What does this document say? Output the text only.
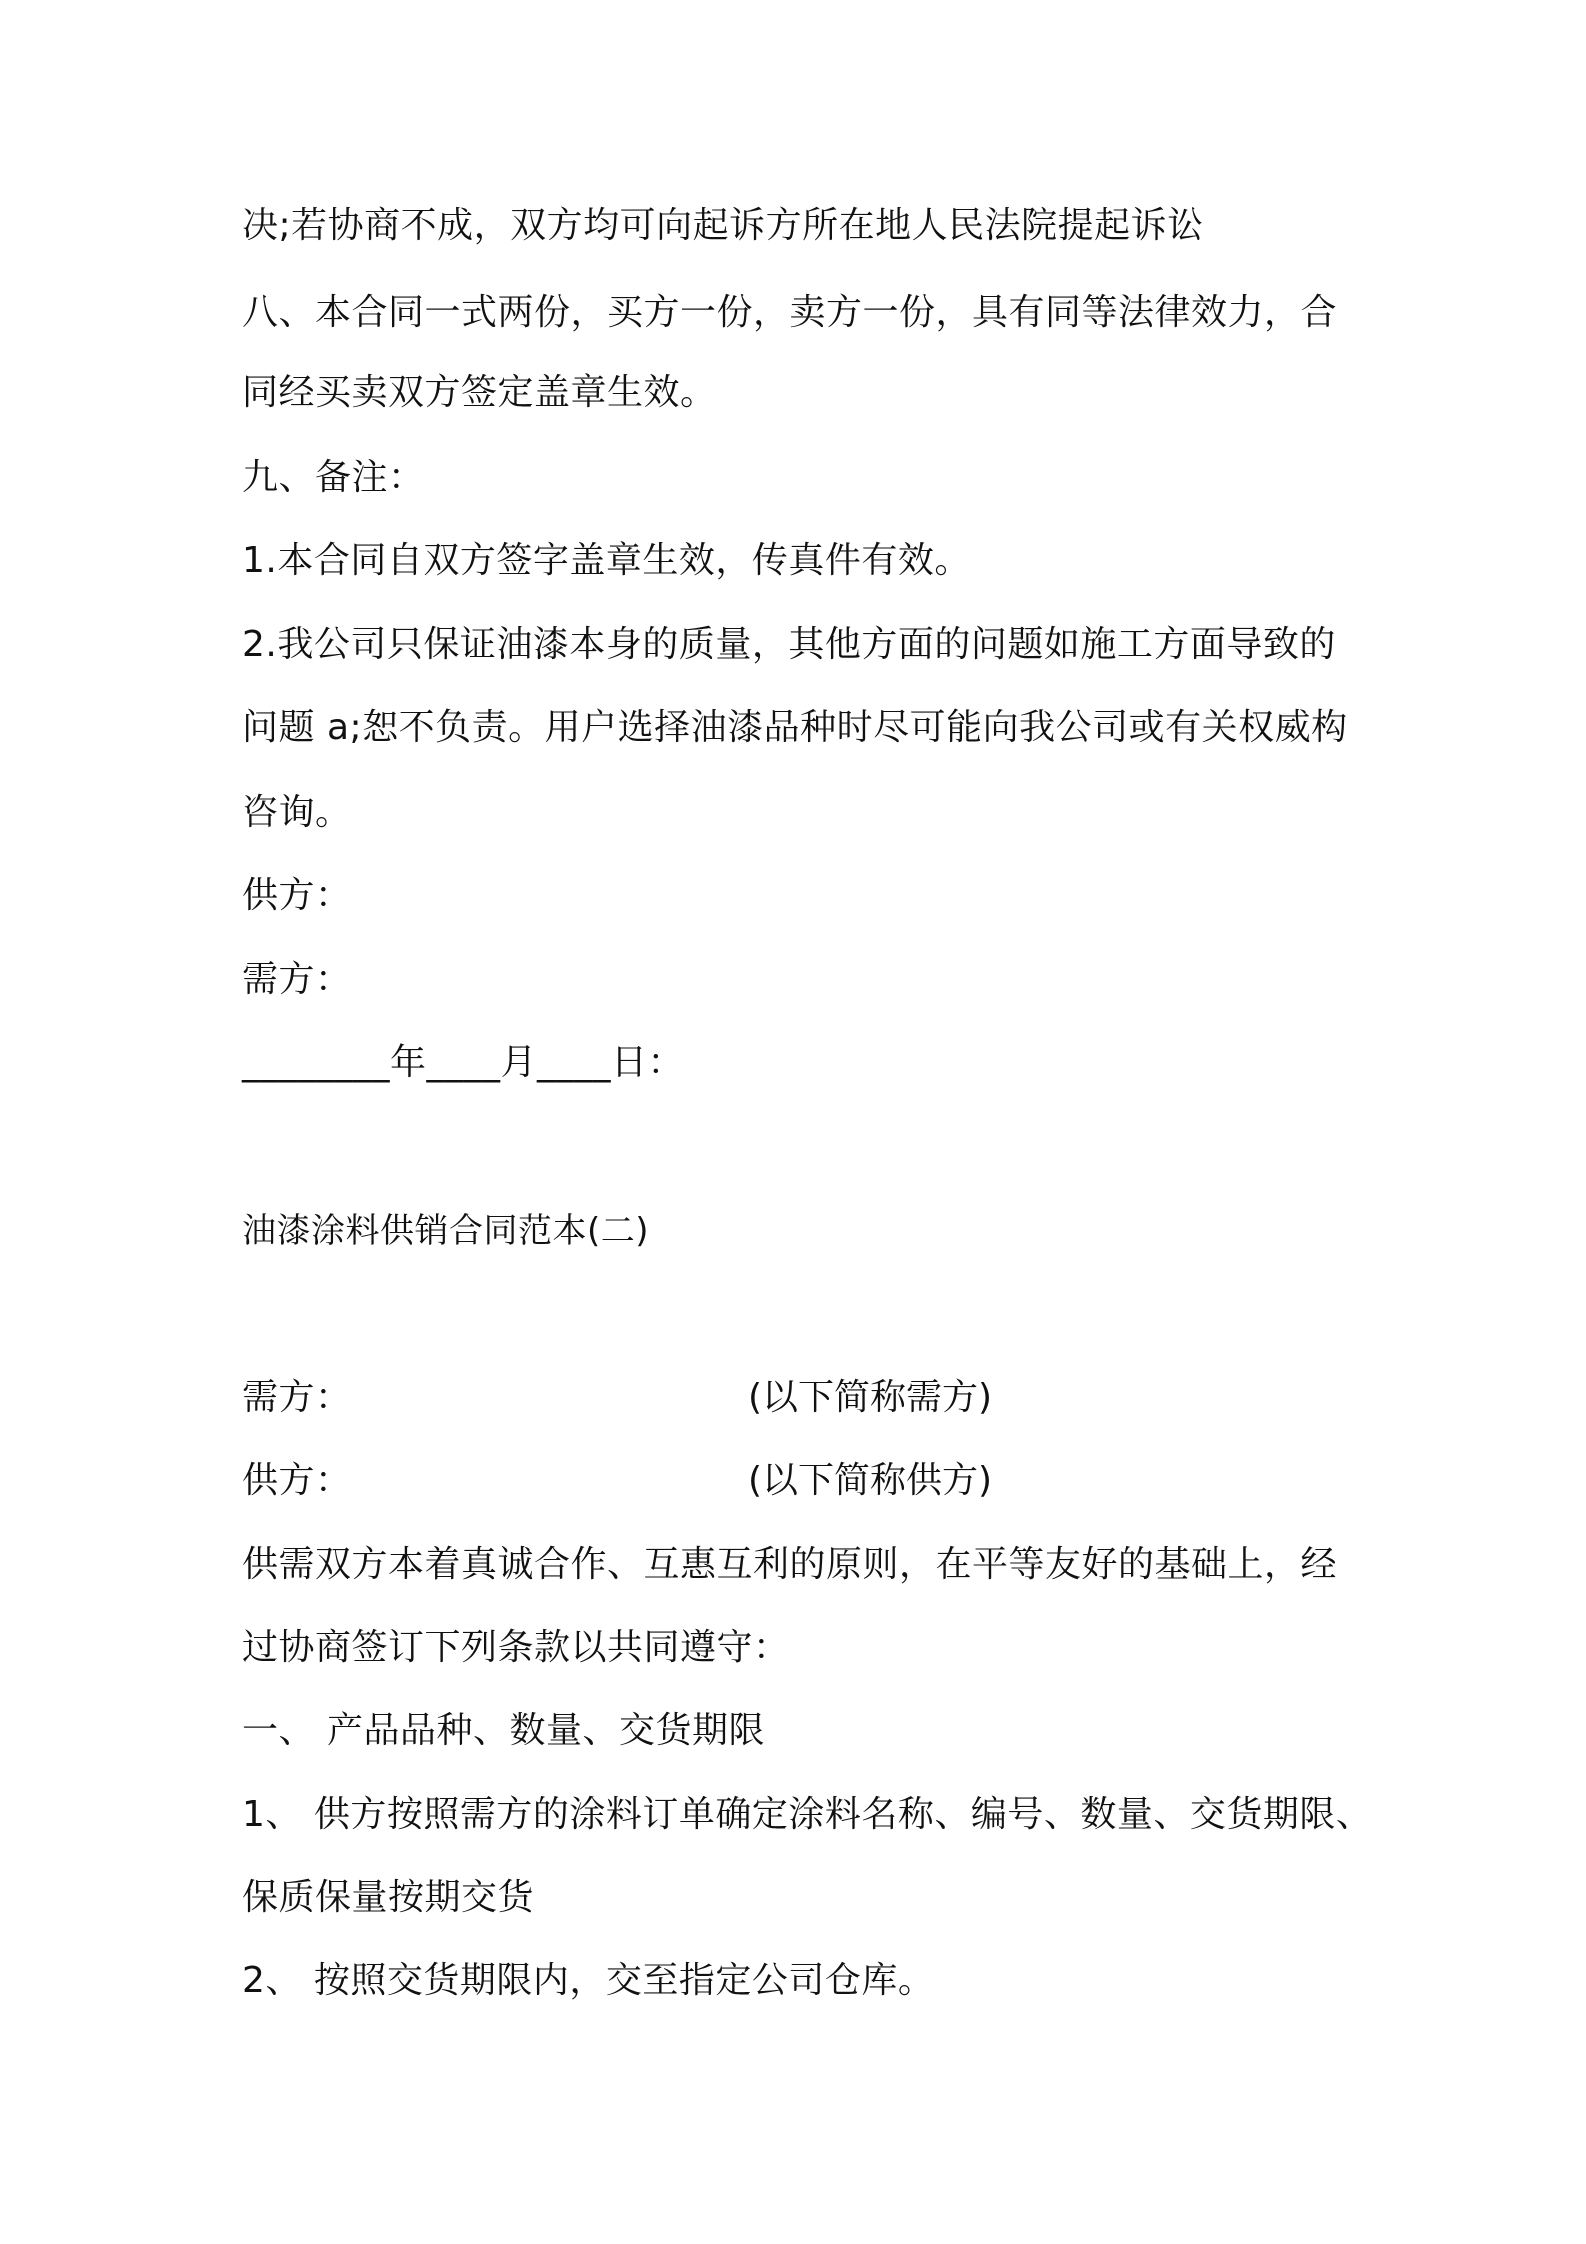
决;若协商不成，双方均可向起诉方所在地人民法院提起诉讼
八、本合同一式两份，买方一份，卖方一份，具有同等法律效力，合
同经买卖双方签定盖章生效。
九、备注：
1.本合同自双方签字盖章生效，传真件有效。
2.我公司只保证油漆本身的质量，其他方面的问题如施工方面导致的
问题 a;恕不负责。用户选择油漆品种时尽可能向我公司或有关权威构
咨询。
供方：
需方：
________年____月____日：
油漆涂料供销合同范本(二)
需方：	(以下简称需方)
供方：	(以下简称供方)
供需双方本着真诚合作、互惠互利的原则，在平等友好的基础上，经
过协商签订下列条款以共同遵守：
一、 产品品种、数量、交货期限
1、 供方按照需方的涂料订单确定涂料名称、编号、数量、交货期限、
保质保量按期交货
2、 按照交货期限内，交至指定公司仓库。
